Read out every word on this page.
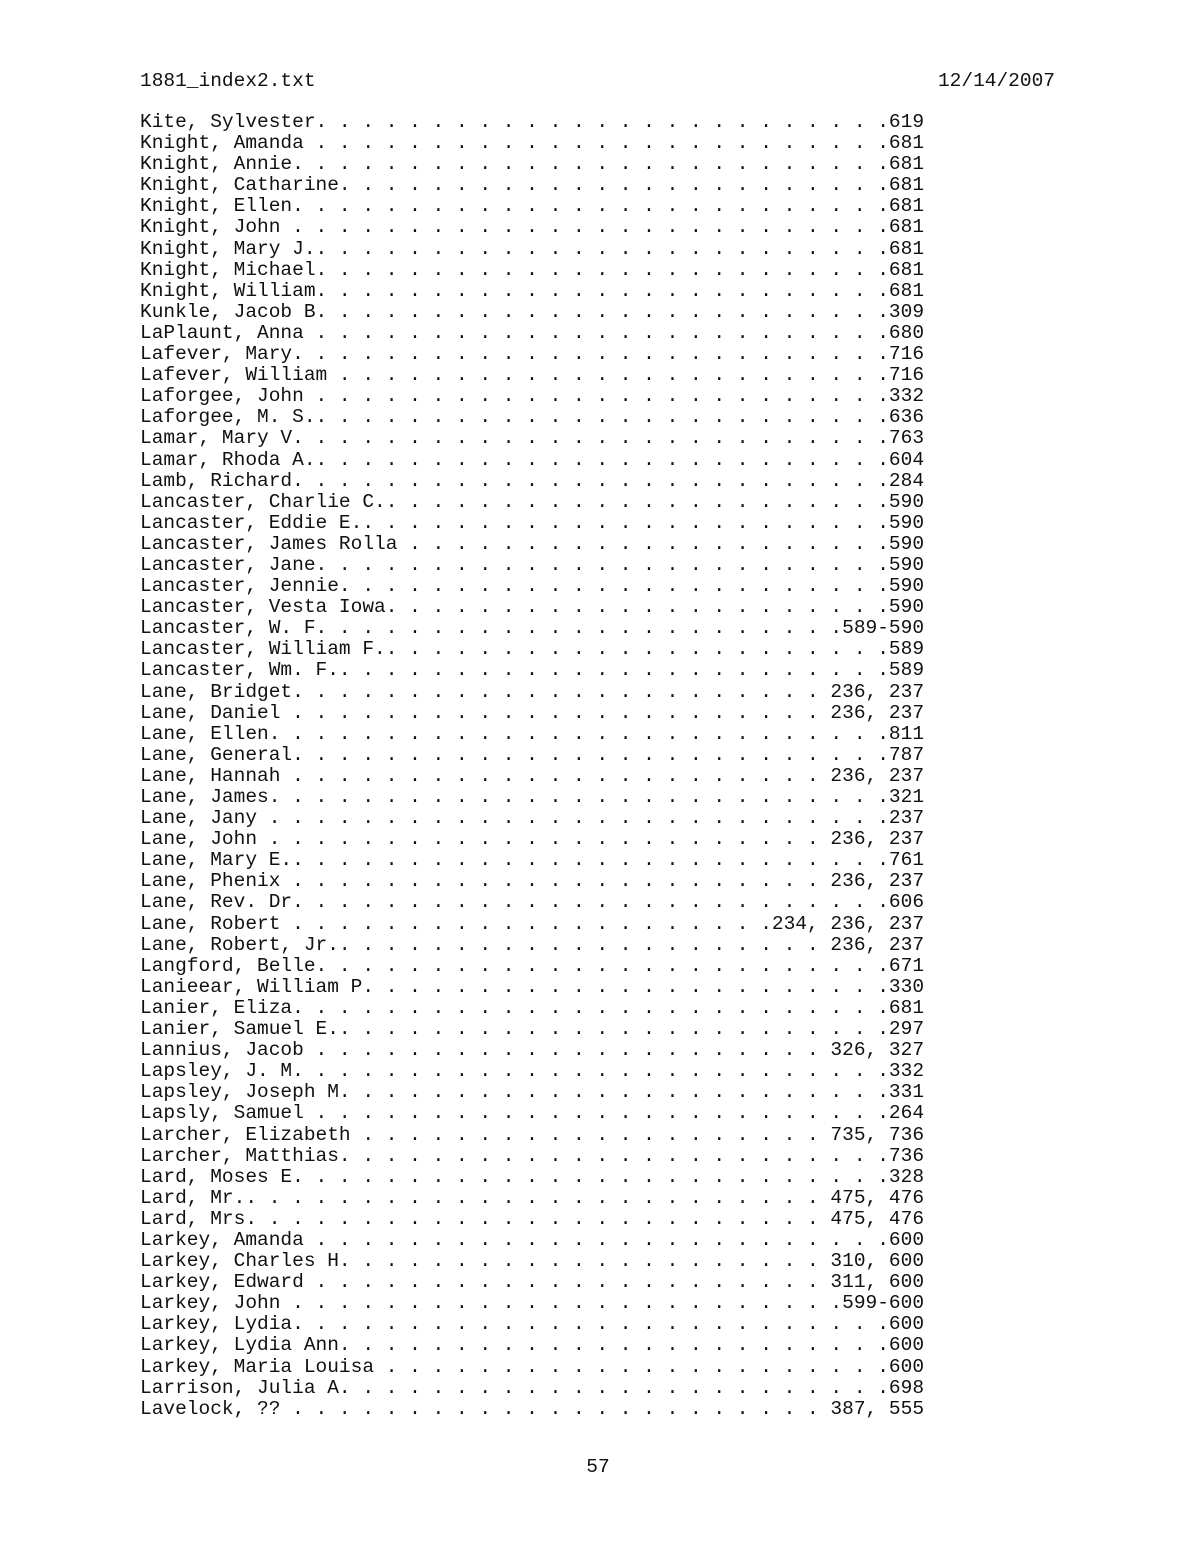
1881_index2.txt	12/14/2007
Kite, Sylvester. . . . . . . . . . . . . . . . . . . . . . . . .619
Knight, Amanda . . . . . . . . . . . . . . . . . . . . . . . . .681
Knight, Annie. . . . . . . . . . . . . . . . . . . . . . . . . .681
Knight, Catharine. . . . . . . . . . . . . . . . . . . . . . . .681
Knight, Ellen. . . . . . . . . . . . . . . . . . . . . . . . . .681
Knight, John . . . . . . . . . . . . . . . . . . . . . . . . . .681
Knight, Mary J.. . . . . . . . . . . . . . . . . . . . . . . . .681
Knight, Michael. . . . . . . . . . . . . . . . . . . . . . . . .681
Knight, William. . . . . . . . . . . . . . . . . . . . . . . . .681
Kunkle, Jacob B. . . . . . . . . . . . . . . . . . . . . . . . .309
LaPlaunt, Anna . . . . . . . . . . . . . . . . . . . . . . . . .680
Lafever, Mary. . . . . . . . . . . . . . . . . . . . . . . . . .716
Lafever, William . . . . . . . . . . . . . . . . . . . . . . . .716
Laforgee, John . . . . . . . . . . . . . . . . . . . . . . . . .332
Laforgee, M. S.. . . . . . . . . . . . . . . . . . . . . . . . .636
Lamar, Mary V. . . . . . . . . . . . . . . . . . . . . . . . . .763
Lamar, Rhoda A.. . . . . . . . . . . . . . . . . . . . . . . . .604
Lamb, Richard. . . . . . . . . . . . . . . . . . . . . . . . . .284
Lancaster, Charlie C.. . . . . . . . . . . . . . . . . . . . . .590
Lancaster, Eddie E.. . . . . . . . . . . . . . . . . . . . . . .590
Lancaster, James Rolla . . . . . . . . . . . . . . . . . . . . .590
Lancaster, Jane. . . . . . . . . . . . . . . . . . . . . . . . .590
Lancaster, Jennie. . . . . . . . . . . . . . . . . . . . . . . .590
Lancaster, Vesta Iowa. . . . . . . . . . . . . . . . . . . . . .590
Lancaster, W. F. . . . . . . . . . . . . . . . . . . . . . .589-590
Lancaster, William F.. . . . . . . . . . . . . . . . . . . . . .589
Lancaster, Wm. F.. . . . . . . . . . . . . . . . . . . . . . . .589
Lane, Bridget. . . . . . . . . . . . . . . . . . . . . . . 236, 237
Lane, Daniel . . . . . . . . . . . . . . . . . . . . . . . 236, 237
Lane, Ellen. . . . . . . . . . . . . . . . . . . . . . . . . . .811
Lane, General. . . . . . . . . . . . . . . . . . . . . . . . . .787
Lane, Hannah . . . . . . . . . . . . . . . . . . . . . . . 236, 237
Lane, James. . . . . . . . . . . . . . . . . . . . . . . . . . .321
Lane, Jany . . . . . . . . . . . . . . . . . . . . . . . . . . .237
Lane, John . . . . . . . . . . . . . . . . . . . . . . . . 236, 237
Lane, Mary E.. . . . . . . . . . . . . . . . . . . . . . . . . .761
Lane, Phenix . . . . . . . . . . . . . . . . . . . . . . . 236, 237
Lane, Rev. Dr. . . . . . . . . . . . . . . . . . . . . . . . . .606
Lane, Robert . . . . . . . . . . . . . . . . . . . . .234, 236, 237
Lane, Robert, Jr.. . . . . . . . . . . . . . . . . . . . . 236, 237
Langford, Belle. . . . . . . . . . . . . . . . . . . . . . . . .671
Lanieear, William P. . . . . . . . . . . . . . . . . . . . . . .330
Lanier, Eliza. . . . . . . . . . . . . . . . . . . . . . . . . .681
Lanier, Samuel E.. . . . . . . . . . . . . . . . . . . . . . . .297
Lannius, Jacob . . . . . . . . . . . . . . . . . . . . . . 326, 327
Lapsley, J. M. . . . . . . . . . . . . . . . . . . . . . . . . .332
Lapsley, Joseph M. . . . . . . . . . . . . . . . . . . . . . . .331
Lapsly, Samuel . . . . . . . . . . . . . . . . . . . . . . . . .264
Larcher, Elizabeth . . . . . . . . . . . . . . . . . . . . 735, 736
Larcher, Matthias. . . . . . . . . . . . . . . . . . . . . . . .736
Lard, Moses E. . . . . . . . . . . . . . . . . . . . . . . . . .328
Lard, Mr.. . . . . . . . . . . . . . . . . . . . . . . . . 475, 476
Lard, Mrs. . . . . . . . . . . . . . . . . . . . . . . . . 475, 476
Larkey, Amanda . . . . . . . . . . . . . . . . . . . . . . . . .600
Larkey, Charles H. . . . . . . . . . . . . . . . . . . . . 310, 600
Larkey, Edward . . . . . . . . . . . . . . . . . . . . . . 311, 600
Larkey, John . . . . . . . . . . . . . . . . . . . . . . . .599-600
Larkey, Lydia. . . . . . . . . . . . . . . . . . . . . . . . . .600
Larkey, Lydia Ann. . . . . . . . . . . . . . . . . . . . . . . .600
Larkey, Maria Louisa . . . . . . . . . . . . . . . . . . . . . .600
Larrison, Julia A. . . . . . . . . . . . . . . . . . . . . . . .698
Lavelock, ?? . . . . . . . . . . . . . . . . . . . . . . . 387, 555
57
